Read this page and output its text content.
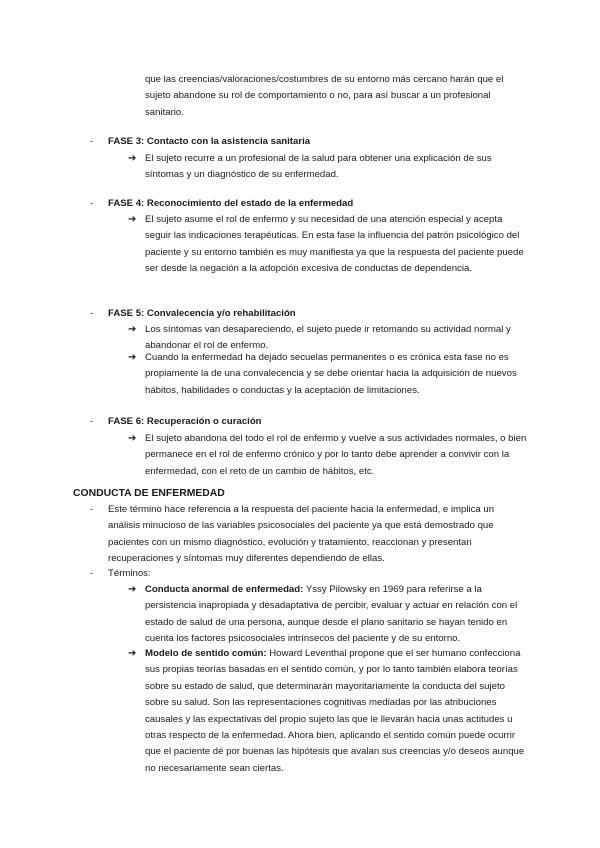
que las creencias/valoraciones/costumbres de su entorno más cercano harán que el sujeto abandone su rol de comportamiento o no, para así buscar a un profesional sanitario.

-	FASE 3: Contacto con la asistencia sanitaria

➔ El sujeto recurre a un profesional de la salud para obtener una explicación de sus síntomas y un diagnóstico de su enfermedad.

-	FASE 4: Reconocimiento del estado de la enfermedad

➔ El sujeto asume el rol de enfermo y su necesidad de una atención especial y acepta seguir las indicaciones terapéuticas. En esta fase la influencia del patrón psicológico del paciente y su entorno también es muy manifiesta ya que la respuesta del paciente puede ser desde la negación a la adopción excesiva de conductas de dependencia.

-	FASE 5: Convalecencia y/o rehabilitación

➔ Los síntomas van desapareciendo, el sujeto puede ir retomando su actividad normal y abandonar el rol de enfermo.

➔ Cuando la enfermedad ha dejado secuelas permanentes o es crónica esta fase no es propiamente la de una convalecencia y se debe orientar hacia la adquisición de nuevos hábitos, habilidades o conductas y la aceptación de limitaciones.

-	FASE 6: Recuperación o curación

➔ El sujeto abandona del todo el rol de enfermo y vuelve a sus actividades normales, o bien permanece en el rol de enfermo crónico y por lo tanto debe aprender a convivir con la enfermedad, con el reto de un cambio de hábitos, etc.

CONDUCTA DE ENFERMEDAD

-	Este término hace referencia a la respuesta del paciente hacia la enfermedad, e implica un análisis minucioso de las variables psicosociales del paciente ya que está demostrado que pacientes con un mismo diagnóstico, evolución y tratamiento, reaccionan y presentan recuperaciones y síntomas muy diferentes dependiendo de ellas.

-	Términos:

➔ Conducta anormal de enfermedad: Yssy Pilowsky en 1969 para referirse a la persistencia inapropiada y desadaptativa de percibir, evaluar y actuar en relación con el estado de salud de una persona, aunque desde el plano sanitario se hayan tenido en cuenta los factores psicosociales intrínsecos del paciente y de su entorno.

➔ Modelo de sentido común: Howard Leventhal propone que el ser humano confecciona sus propias teorías basadas en el sentido común, y por lo tanto también elabora teorías sobre su estado de salud, que determinarán mayoritariamente la conducta del sujeto sobre su salud. Son las representaciones cognitivas mediadas por las atribuciones causales y las expectativas del propio sujeto las que le llevarán hacia unas actitudes u otras respecto de la enfermedad. Ahora bien, aplicando el sentido común puede ocurrir que el paciente dé por buenas las hipótesis que avalan sus creencias y/o deseos aunque no necesariamente sean ciertas.
